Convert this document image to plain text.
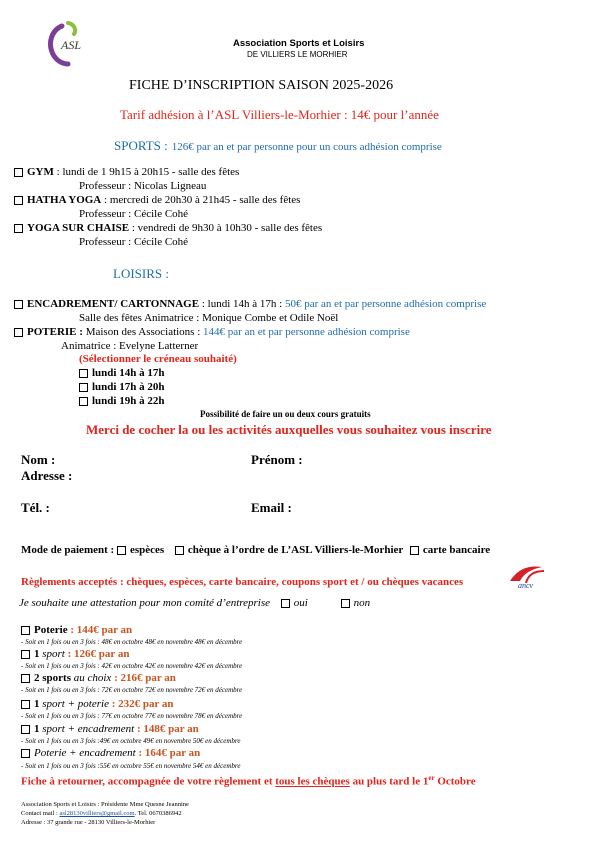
ASL	Association Sports et Loisirs
DE VILLIERS LE MORHIER
FICHE D’INSCRIPTION SAISON 2025-2026
Tarif adhésion à l’ASL Villiers-le-Morhier : 14€ pour l’année
SPORTS : 126€ par an et par personne pour un cours adhésion comprise
GYM : lundi de 1 9h15 à 20h15 - salle des fêtes
Professeur : Nicolas Ligneau
HATHA YOGA : mercredi de 20h30 à 21h45 - salle des fêtes
Professeur : Cécile Cohé
YOGA SUR CHAISE : vendredi de 9h30 à 10h30 - salle des fêtes
Professeur : Cécile Cohé
LOISIRS :
ENCADREMENT/ CARTONNAGE : lundi 14h à 17h : 50€ par an et par personne adhésion comprise
Salle des fêtes Animatrice : Monique Combe et Odile Noël
POTERIE : Maison des Associations : 144€ par an et par personne adhésion comprise
Animatrice : Evelyne Latterner
(Sélectionner le créneau souhaité)
lundi 14h à 17h
lundi 17h à 20h
lundi 19h à 22h
Possibilité de faire un ou deux cours gratuits
Merci de cocher la ou les activités auxquelles vous souhaitez vous inscrire
Nom :	Prénom :
Adresse :
Tél. :	Email :
Mode de paiement : espèces chèque à l’ordre de L’ASL Villiers-le-Morhier carte bancaire
Règlements acceptés : chèques, espèces, carte bancaire, coupons sport et / ou chèques vacances	ancv
Je souhaite une attestation pour mon comité d’entreprise oui	non
Poterie : 144€ par an
- Soit en 1 fois ou en 3 fois : 48€ en octobre 48€ en novembre 48€ en décembre
1 sport : 126€ par an
- Soit en 1 fois ou en 3 fois : 42€ en octobre 42€ en novembre 42€ en décembre
2 sports au choix : 216€ par an
- Soit en 1 fois ou en 3 fois : 72€ en octobre 72€ en novembre 72€ en décembre
1 sport + poterie : 232€ par an
- Soit en 1 fois ou en 3 fois : 77€ en octobre 77€ en novembre 78€ en décembre
1 sport + encadrement : 148€ par an
- Soit en 1 fois ou en 3 fois :49€ en octobre 49€ en novembre 50€ en décembre
Poterie + encadrement : 164€ par an
- Soit en 1 fois ou en 3 fois :55€ en octobre 55€ en novembre 54€ en décembre
Fiche à retourner, accompagnée de votre règlement et tous les chèques au plus tard le 1er Octobre
Association Sports et Loisirs : Présidente Mme Quesne Jeannine
Contact mail : asl28130villiers@gmail.com. Tel. 0670386942
Adresse : 37 grande rue - 28130 Villiers-le-Morhier
